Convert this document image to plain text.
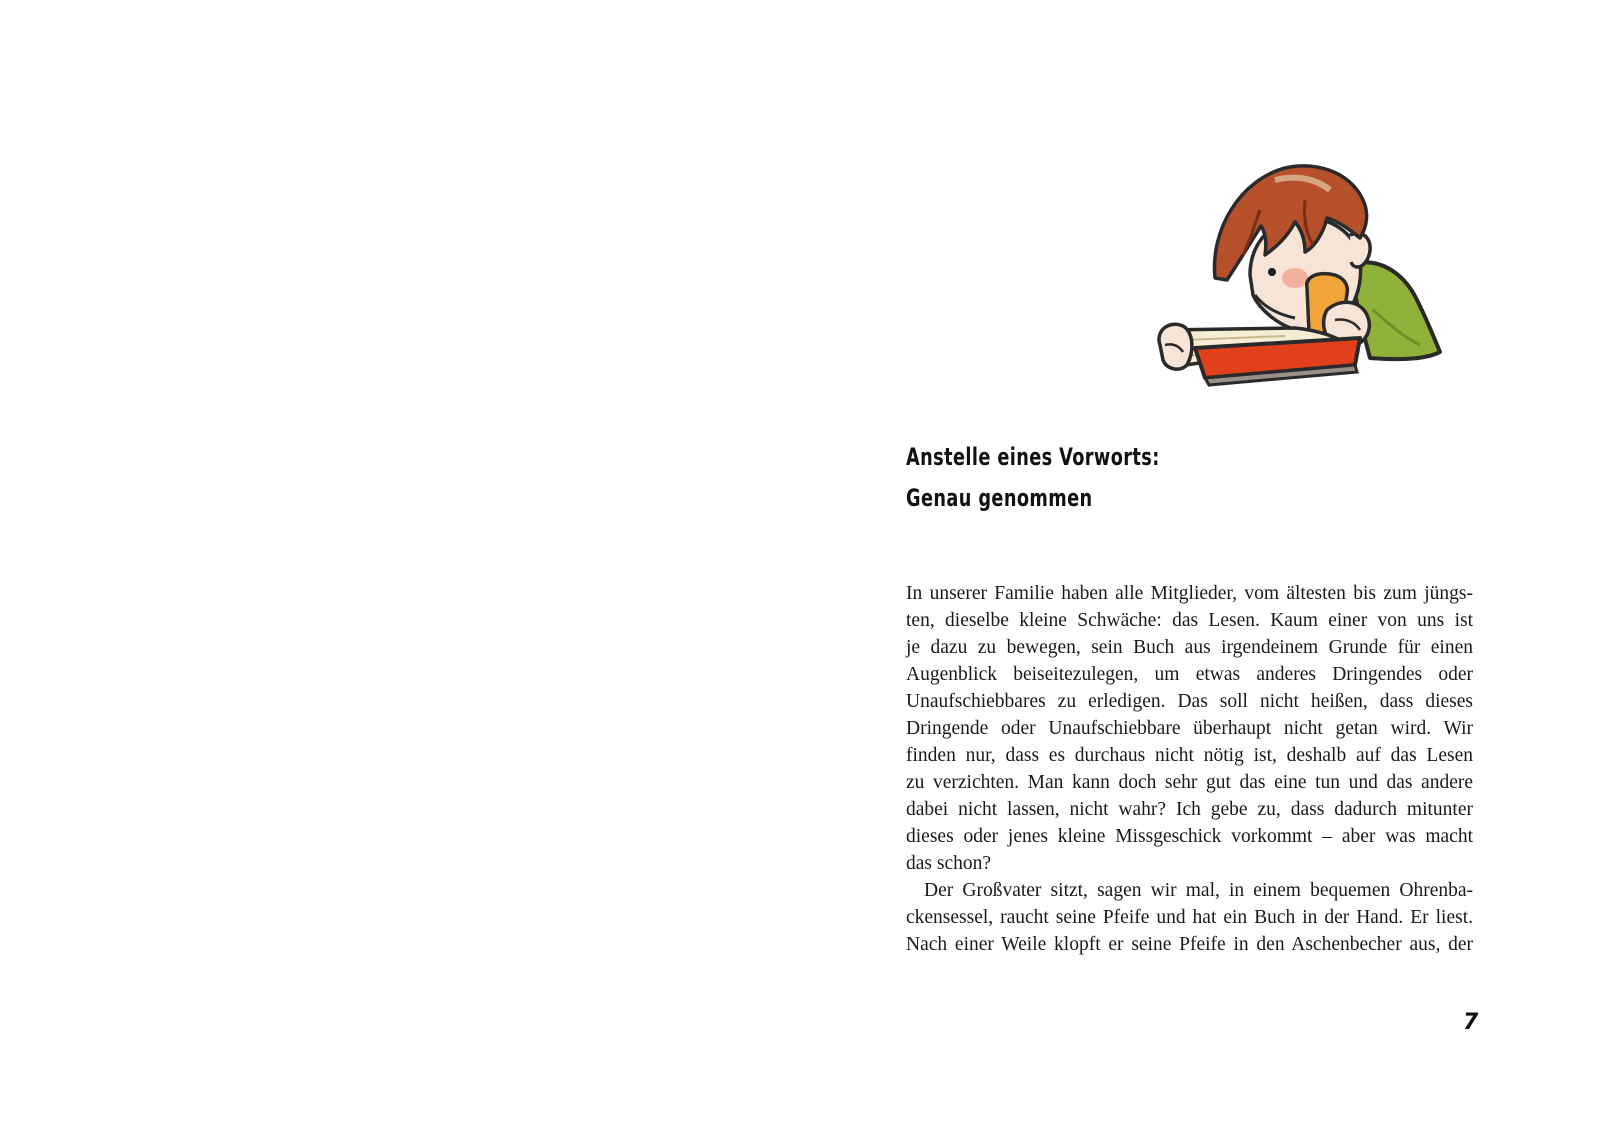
Anstelle eines Vorworts:
Genau genommen
In unserer Familie haben alle Mitglieder, vom ältesten bis zum jüngs-
ten, dieselbe kleine Schwäche: das Lesen. Kaum einer von uns ist
je dazu zu bewegen, sein Buch aus irgendeinem Grunde für einen
Augenblick beiseitezulegen, um etwas anderes Dringendes oder
Unaufschiebbares zu erledigen. Das soll nicht heißen, dass dieses
Dringende oder Unaufschiebbare überhaupt nicht getan wird. Wir
finden nur, dass es durchaus nicht nötig ist, deshalb auf das Lesen
zu verzichten. Man kann doch sehr gut das eine tun und das andere
dabei nicht lassen, nicht wahr? Ich gebe zu, dass dadurch mitunter
dieses oder jenes kleine Missgeschick vorkommt – aber was macht
das schon?
Der Großvater sitzt, sagen wir mal, in einem bequemen Ohrenba-
ckensessel, raucht seine Pfeife und hat ein Buch in der Hand. Er liest.
Nach einer Weile klopft er seine Pfeife in den Aschenbecher aus, der
7
